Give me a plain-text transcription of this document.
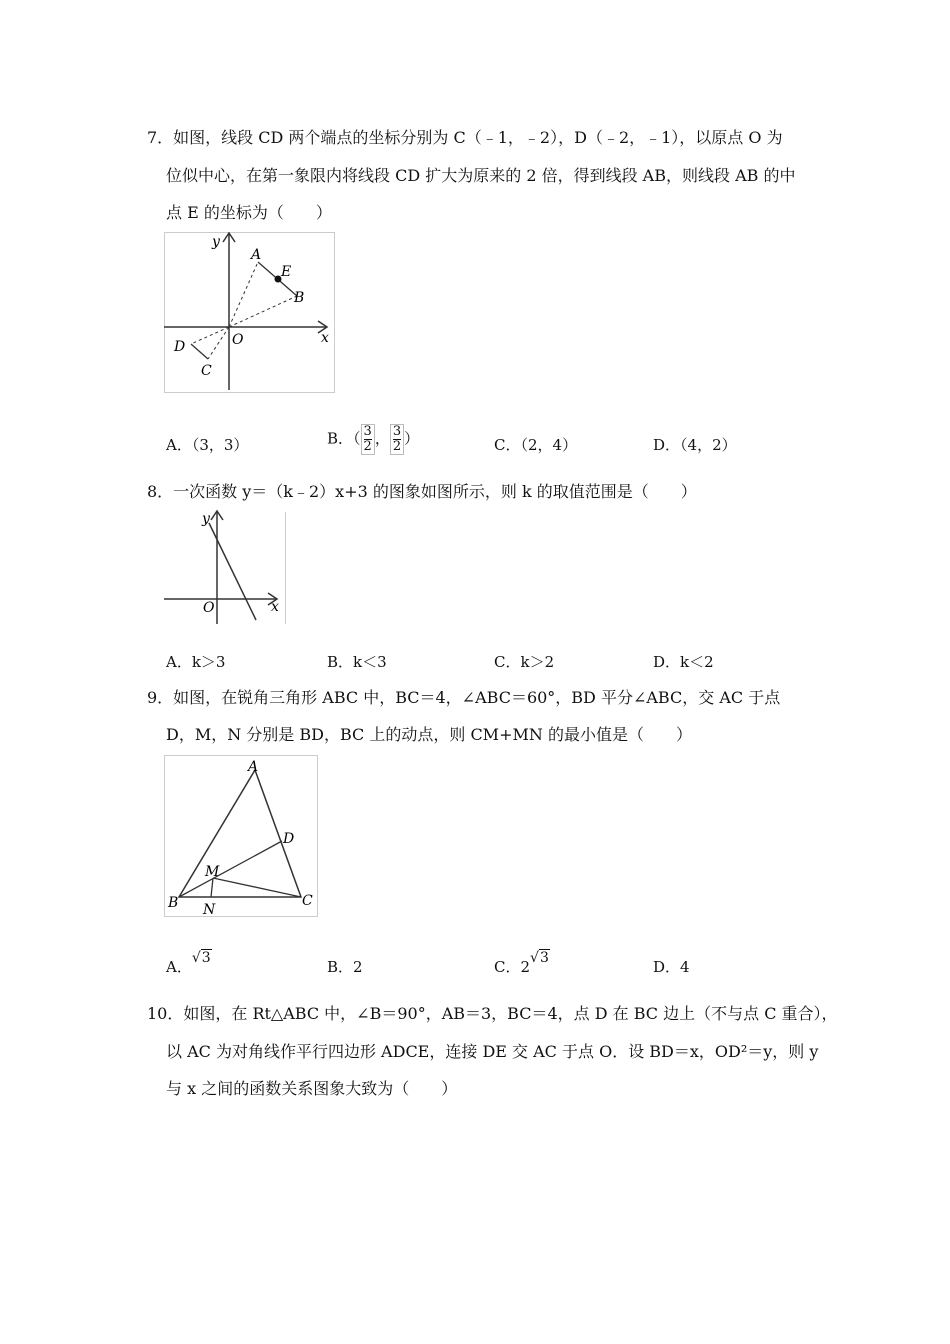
7．如图，线段 CD 两个端点的坐标分别为 C（﹣1，﹣2），D（﹣2，﹣1），以原点 O 为
位似中心，在第一象限内将线段 CD 扩大为原来的 2 倍，得到线段 AB，则线段 AB 的中
点 E 的坐标为（　　）
y
x
O
A
E
B
D
C
A．（3，3）	B．（ $\frac{3}{2}$ ， $\frac{3}{2}$ ）	C．（2，4）	D．（4，2）
8．一次函数 y＝（k﹣2）x+3 的图象如图所示，则 k 的取值范围是（　　）
y
x
O
A．k＞3	B．k＜3	C．k＞2	D．k＜2
9．如图，在锐角三角形 ABC 中，BC＝4，∠ABC＝60°，BD 平分∠ABC，交 AC 于点
D，M，N 分别是 BD，BC 上的动点，则 CM+MN 的最小值是（　　）
A
B	C
D
M
N
A．√3	B．2	C．2√3	D．4
10．如图，在 Rt△ABC 中，∠B＝90°，AB＝3，BC＝4，点 D 在 BC 边上（不与点 C 重合），
以 AC 为对角线作平行四边形 ADCE，连接 DE 交 AC 于点 O．设 BD＝x，OD²＝y，则 y
与 x 之间的函数关系图象大致为（　　）
